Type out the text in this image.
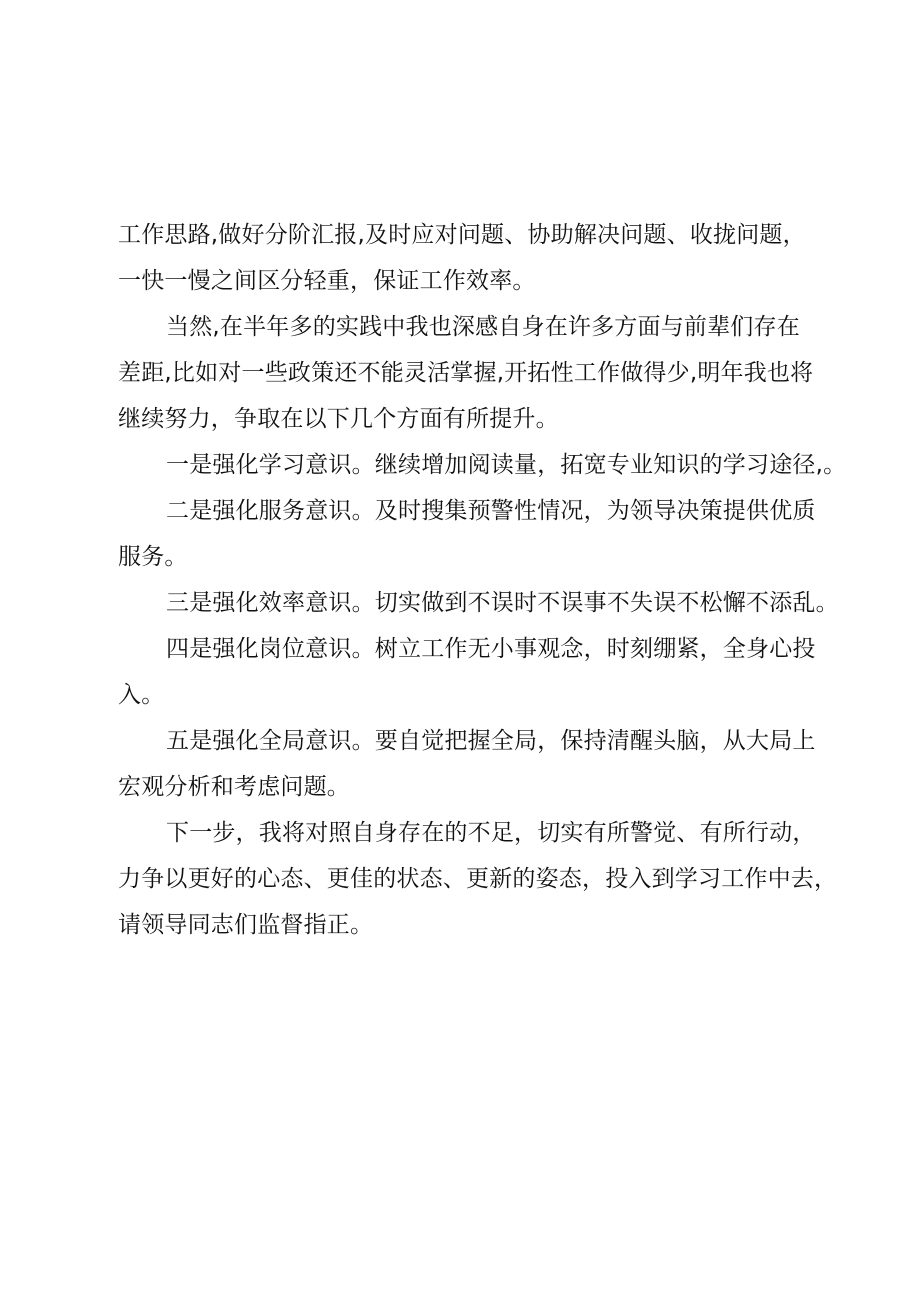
工作思路,做好分阶汇报,及时应对问题、协助解决问题、收拢问题，
一快一慢之间区分轻重，保证工作效率。
当然,在半年多的实践中我也深感自身在许多方面与前辈们存在
差距,比如对一些政策还不能灵活掌握,开拓性工作做得少,明年我也将
继续努力，争取在以下几个方面有所提升。
一是强化学习意识。继续增加阅读量，拓宽专业知识的学习途径,。
二是强化服务意识。及时搜集预警性情况，为领导决策提供优质
服务。
三是强化效率意识。切实做到不误时不误事不失误不松懈不添乱。
四是强化岗位意识。树立工作无小事观念，时刻绷紧，全身心投
入。
五是强化全局意识。要自觉把握全局，保持清醒头脑，从大局上
宏观分析和考虑问题。
下一步，我将对照自身存在的不足，切实有所警觉、有所行动，
力争以更好的心态、更佳的状态、更新的姿态，投入到学习工作中去，
请领导同志们监督指正。
